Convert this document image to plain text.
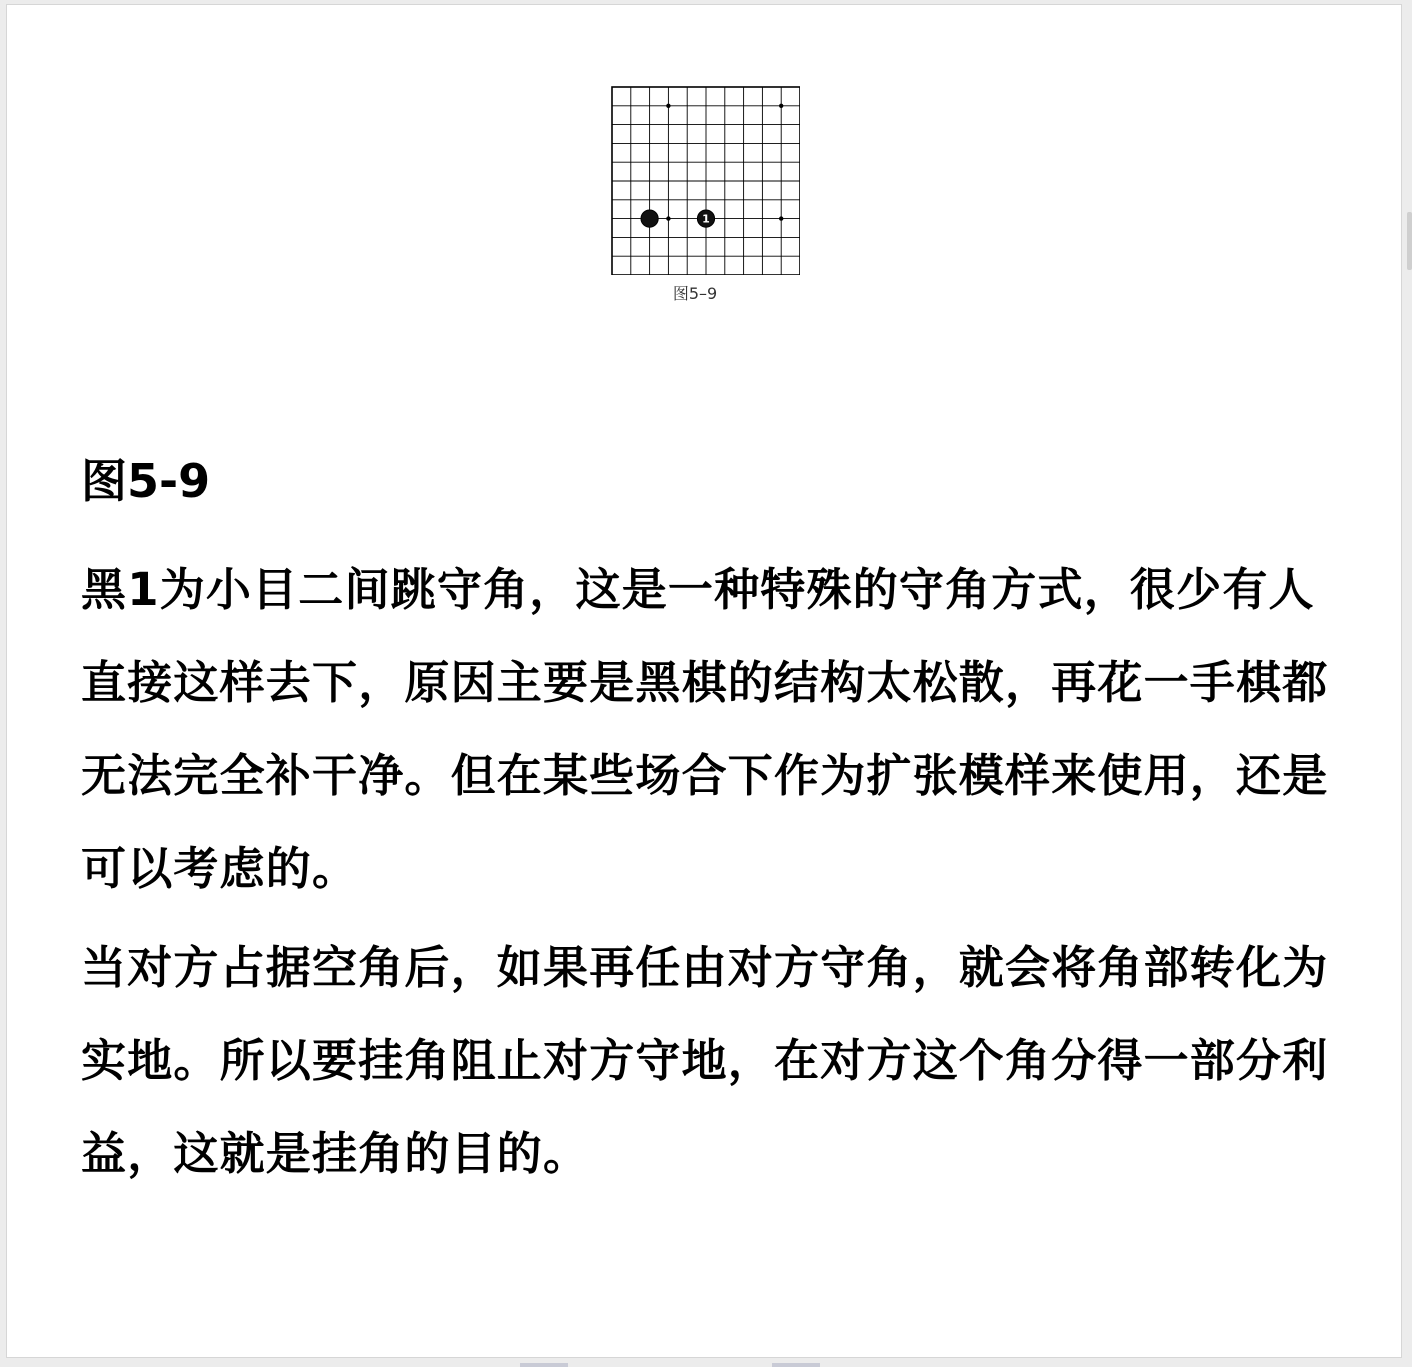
1
图5–9
图5-9

黑1为小目二间跳守角，这是一种特殊的守角方式，很少有人直接这样去下，原因主要是黑棋的结构太松散，再花一手棋都无法完全补干净。但在某些场合下作为扩张模样来使用，还是可以考虑的。

当对方占据空角后，如果再任由对方守角，就会将角部转化为实地。所以要挂角阻止对方守地，在对方这个角分得一部分利益，这就是挂角的目的。
